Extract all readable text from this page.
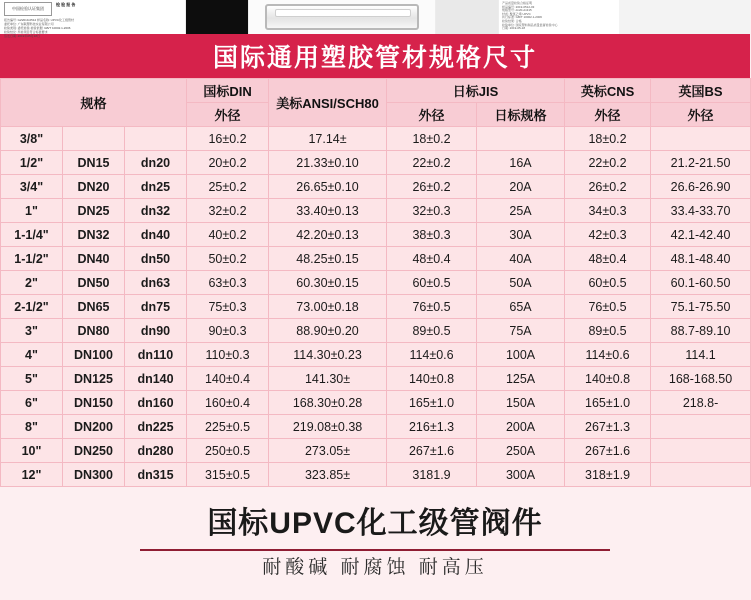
中国检验认证集团
检 验 报 告
报告编号: GZ2019-0512 样品名称: UPVC化工级管材
委托单位: 广东联塑科技实业有限公司
检验类别: 委托检验 检验依据: GB/T 10002.1-2006
检验结论: 所检项目符合标准要求
签发日期: 2019年05月18日
产品质量检验合格证明
样品编号: 2019-0512-03
规格型号: dn20-dn315
材质: 聚氯乙烯 UPVC
执行标准: GB/T 10002.1-2006
检验结果: 合格
检验单位: 国家塑料制品质量监督检验中心
日期: 2019-05-18
国际通用塑胶管材规格尺寸
规格			国标DIN	美标ANSI/SCH80	日标JIS		英标CNS	英国BS
			外径		外径	日标规格	外径	外径
3/8"			16±0.2	17.14±	18±0.2		18±0.2	
1/2"	DN15	dn20	20±0.2	21.33±0.10	22±0.2	16A	22±0.2	21.2-21.50
3/4"	DN20	dn25	25±0.2	26.65±0.10	26±0.2	20A	26±0.2	26.6-26.90
1"	DN25	dn32	32±0.2	33.40±0.13	32±0.3	25A	34±0.3	33.4-33.70
1-1/4"	DN32	dn40	40±0.2	42.20±0.13	38±0.3	30A	42±0.3	42.1-42.40
1-1/2"	DN40	dn50	50±0.2	48.25±0.15	48±0.4	40A	48±0.4	48.1-48.40
2"	DN50	dn63	63±0.3	60.30±0.15	60±0.5	50A	60±0.5	60.1-60.50
2-1/2"	DN65	dn75	75±0.3	73.00±0.18	76±0.5	65A	76±0.5	75.1-75.50
3"	DN80	dn90	90±0.3	88.90±0.20	89±0.5	75A	89±0.5	88.7-89.10
4"	DN100	dn110	110±0.3	114.30±0.23	114±0.6	100A	114±0.6	114.1
5"	DN125	dn140	140±0.4	141.30±	140±0.8	125A	140±0.8	168-168.50
6"	DN150	dn160	160±0.4	168.30±0.28	165±1.0	150A	165±1.0	218.8-
8"	DN200	dn225	225±0.5	219.08±0.38	216±1.3	200A	267±1.3	
10"	DN250	dn280	250±0.5	273.05±	267±1.6	250A	267±1.6	
12"	DN300	dn315	315±0.5	323.85±	3181.9	300A	318±1.9	
国标UPVC化工级管阀件
耐酸碱 耐腐蚀 耐高压
